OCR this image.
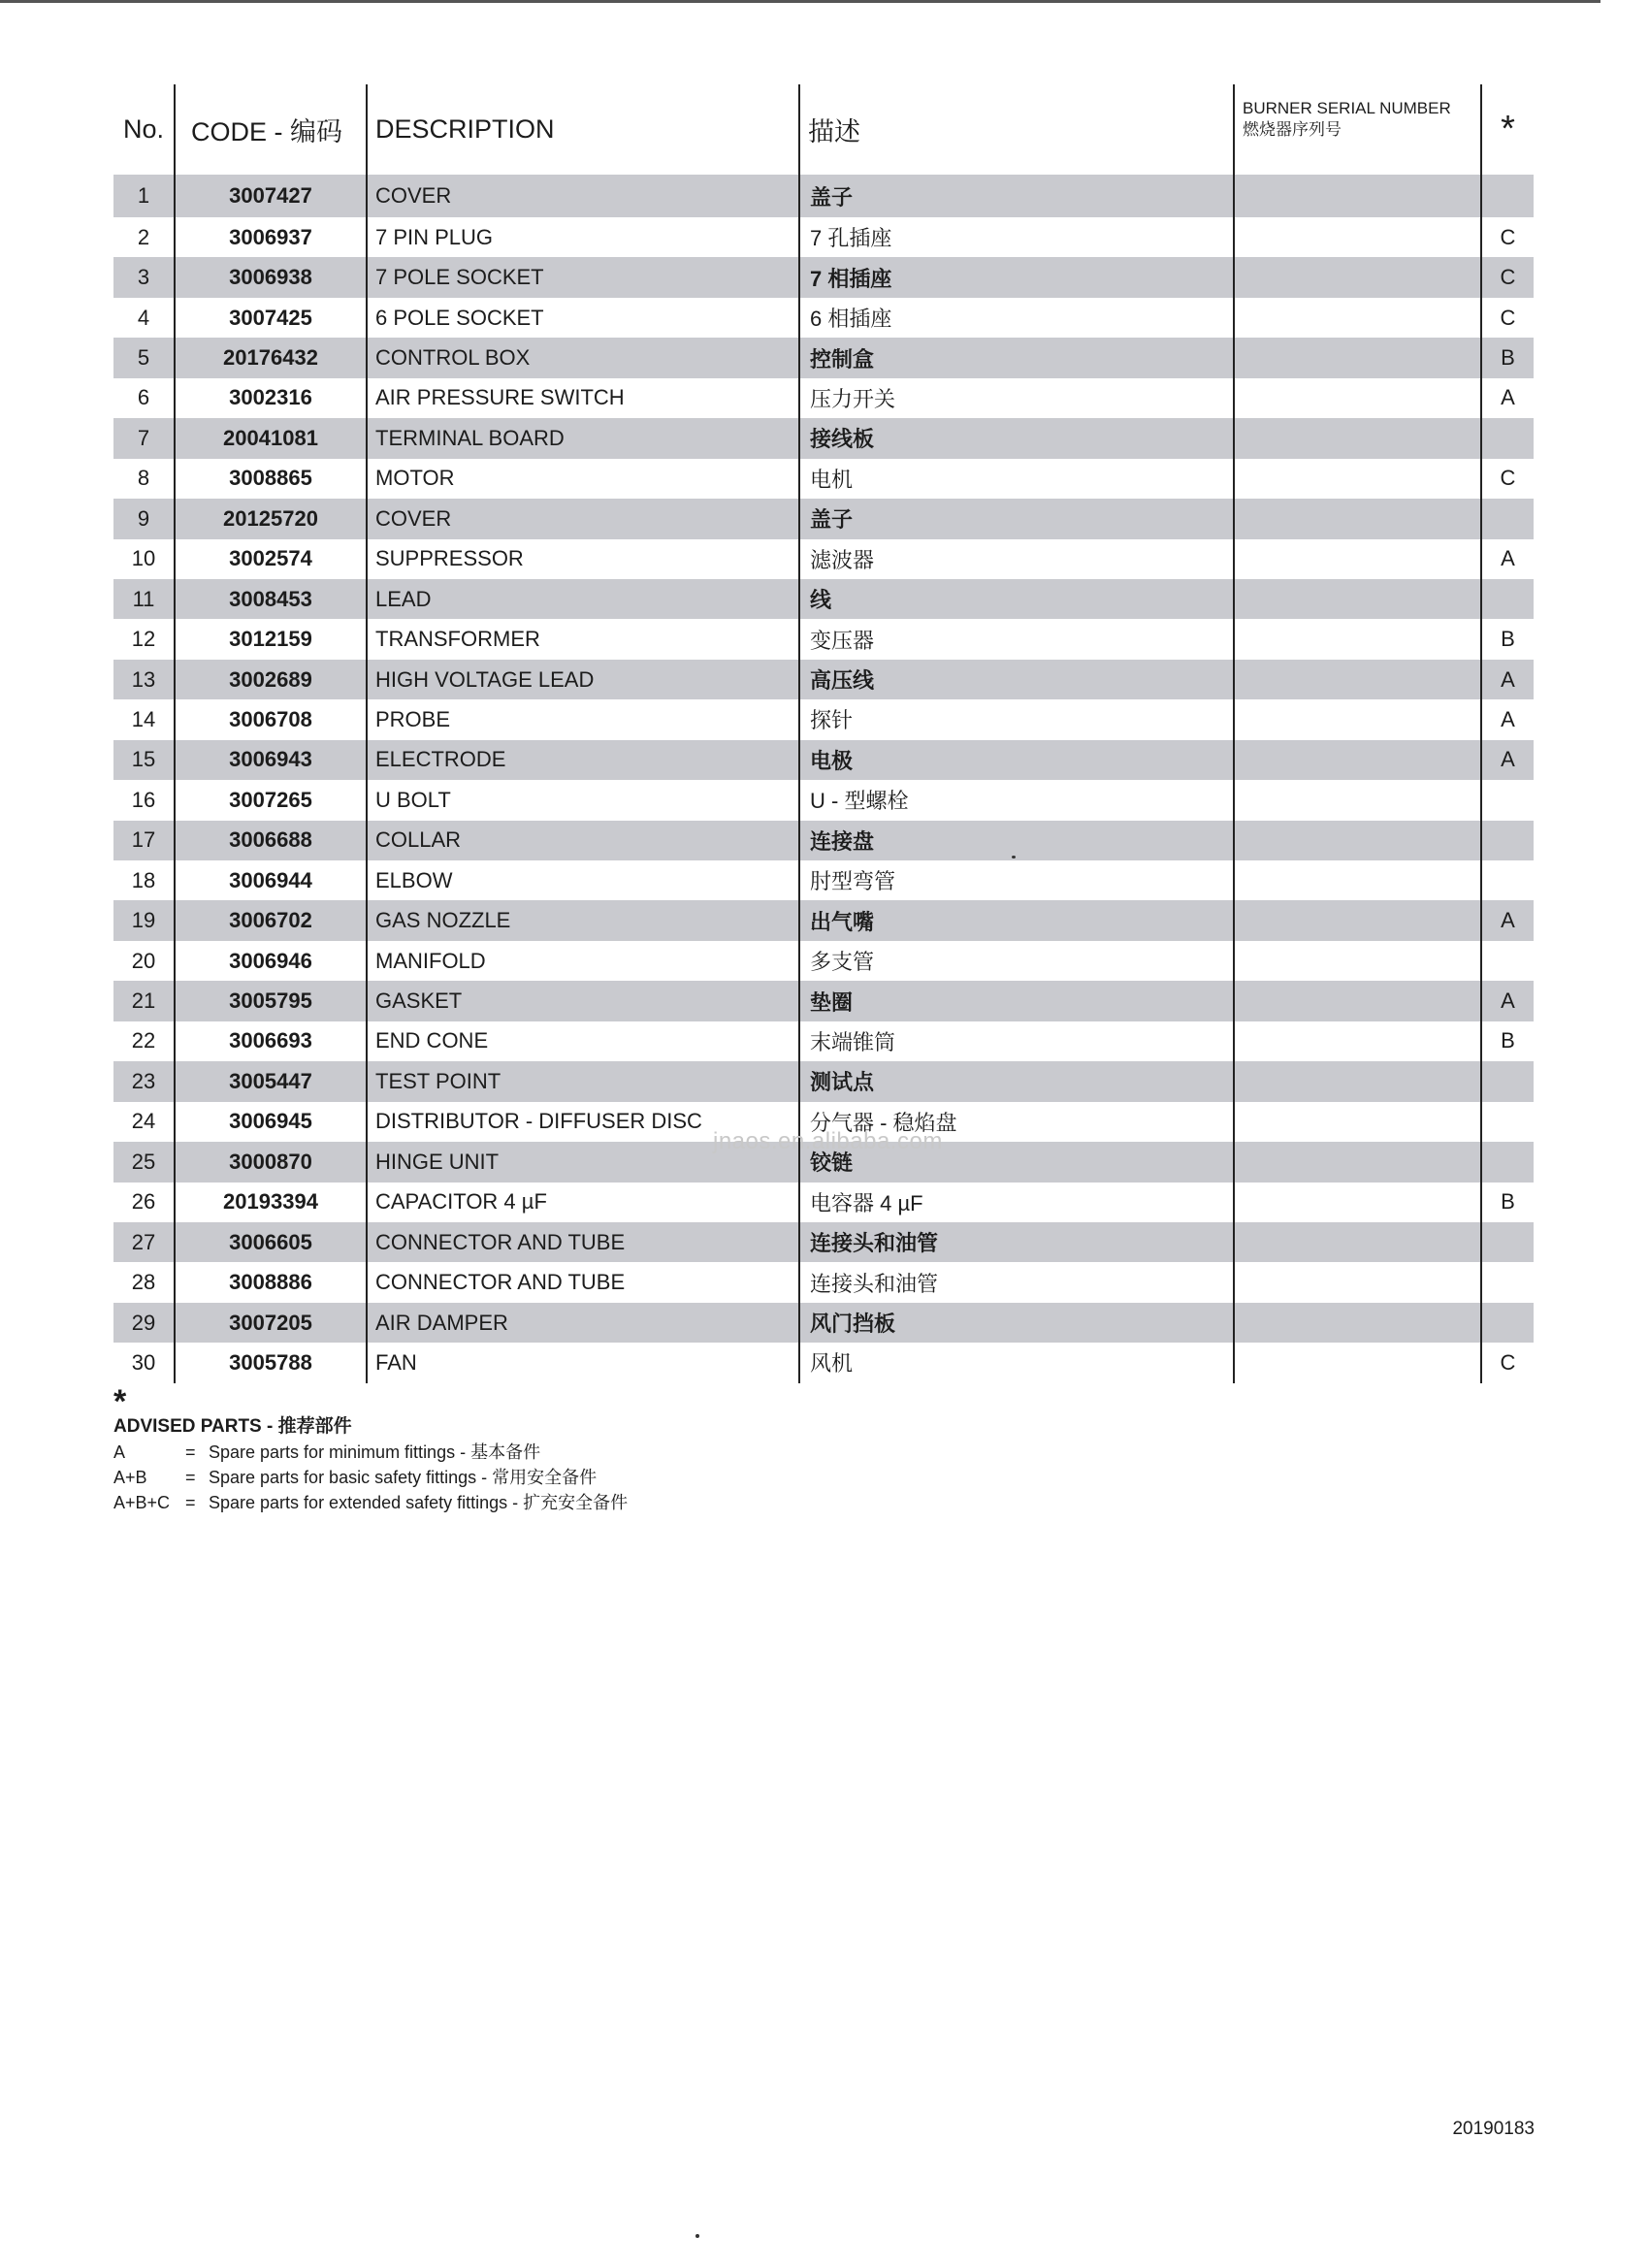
No.	CODE - 编码	DESCRIPTION	描述	BURNER SERIAL NUMBER
燃烧器序列号	*
1	3007427	COVER	盖子		
2	3006937	7 PIN PLUG	7 孔插座		C
3	3006938	7 POLE SOCKET	7 相插座		C
4	3007425	6 POLE SOCKET	6 相插座		C
5	20176432	CONTROL BOX	控制盒		B
6	3002316	AIR PRESSURE SWITCH	压力开关		A
7	20041081	TERMINAL BOARD	接线板		
8	3008865	MOTOR	电机		C
9	20125720	COVER	盖子		
10	3002574	SUPPRESSOR	滤波器		A
11	3008453	LEAD	线		
12	3012159	TRANSFORMER	变压器		B
13	3002689	HIGH VOLTAGE LEAD	高压线		A
14	3006708	PROBE	探针		A
15	3006943	ELECTRODE	电极		A
16	3007265	U BOLT	U - 型螺栓		
17	3006688	COLLAR	连接盘		
18	3006944	ELBOW	肘型弯管		
19	3006702	GAS NOZZLE	出气嘴		A
20	3006946	MANIFOLD	多支管		
21	3005795	GASKET	垫圈		A
22	3006693	END CONE	末端锥筒		B
23	3005447	TEST POINT	测试点		
24	3006945	DISTRIBUTOR - DIFFUSER DISC	分气器 - 稳焰盘		
25	3000870	HINGE UNIT	铰链		
26	20193394	CAPACITOR 4 µF	电容器 4 µF		B
27	3006605	CONNECTOR AND TUBE	连接头和油管		
28	3008886	CONNECTOR AND TUBE	连接头和油管		
29	3007205	AIR DAMPER	风门挡板		
30	3005788	FAN	风机		C
jnaos.en.alibaba.com
*
ADVISED PARTS - 推荐部件
A	= Spare parts for minimum fittings - 基本备件
A+B = Spare parts for basic safety fittings - 常用安全备件
A+B+C = Spare parts for extended safety fittings - 扩充安全备件
20190183
